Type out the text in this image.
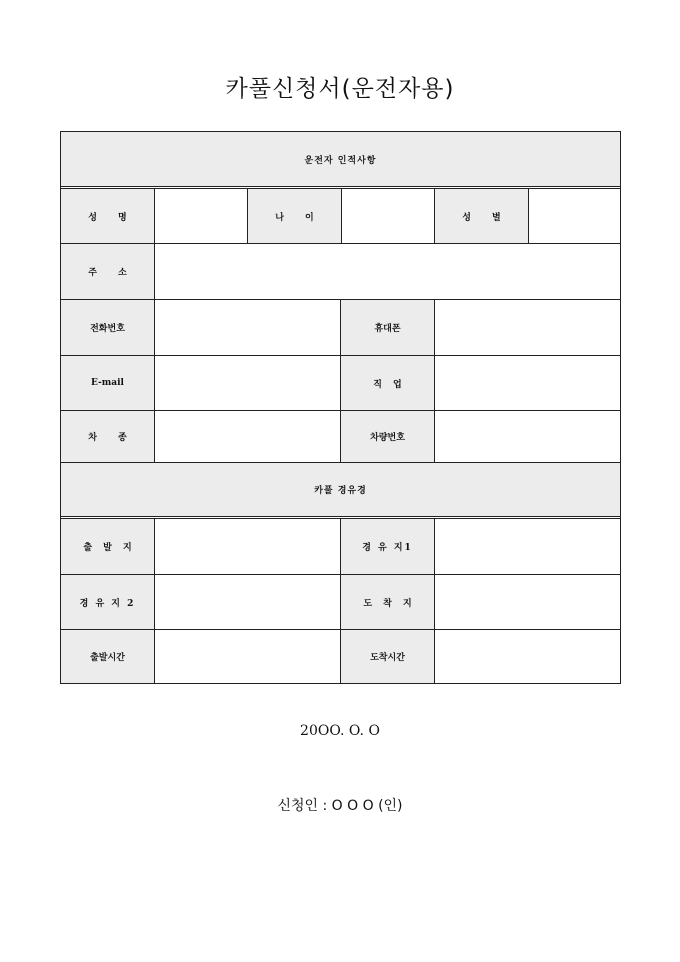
카풀신청서(운전자용)
운전자 인적사항
성 명	나 이	성 별
주 소
전화번호	휴대폰
E-mail	직 업
차 종	차량번호
카풀 경유경
출 발 지	경 유 지1
경 유 지 2	도 착 지
출발시간	도착시간
20OO. O. O
신청인 : O O O (인)
